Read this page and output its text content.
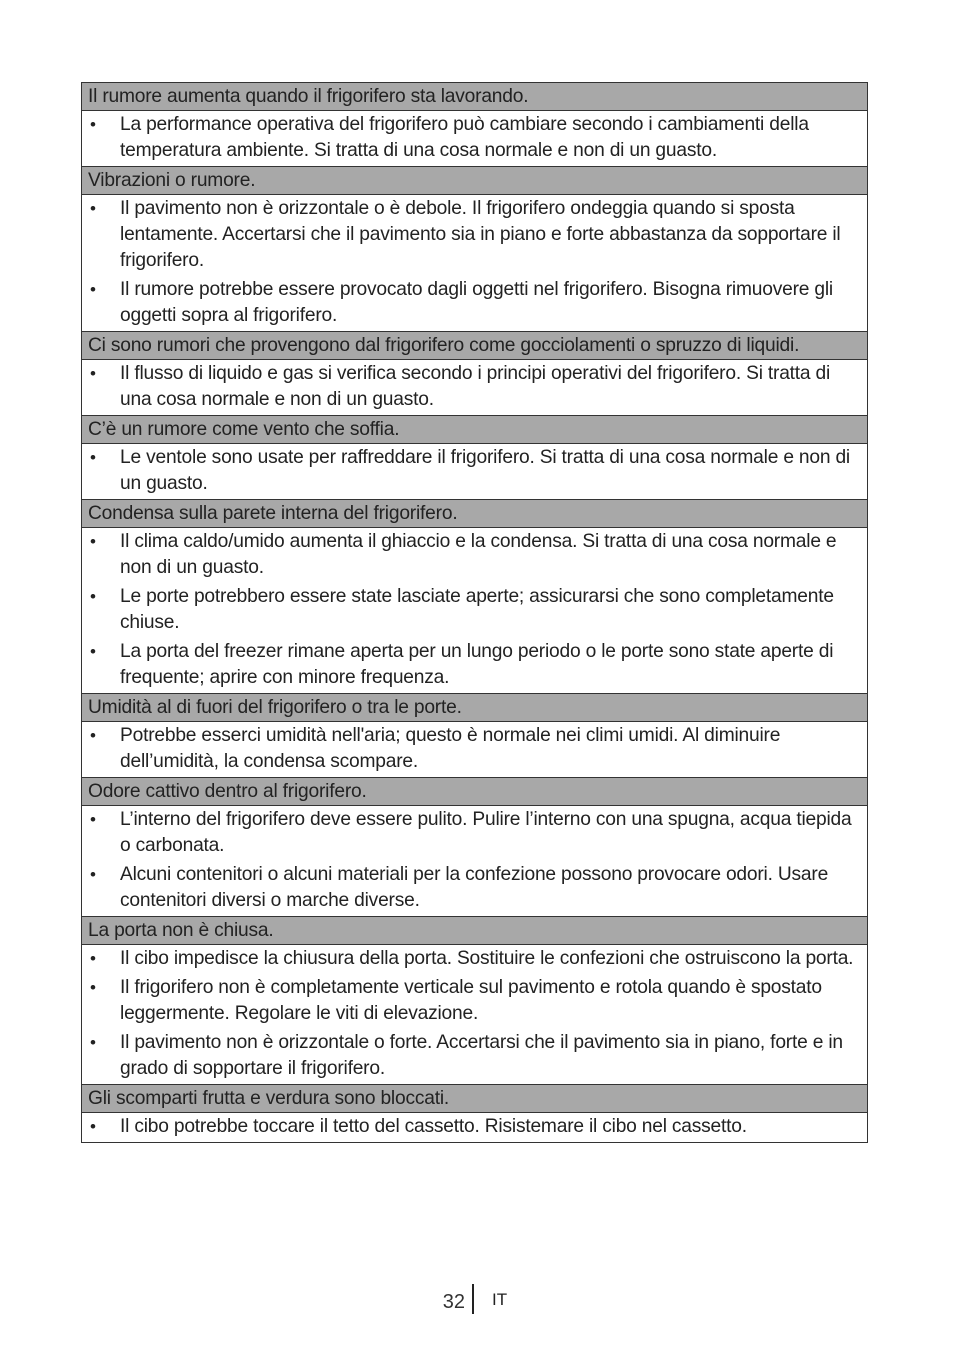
Il rumore aumenta quando il frigorifero sta lavorando.
• La performance operativa del frigorifero può cambiare secondo i cambiamenti della temperatura ambiente. Si tratta di una cosa normale e non di un guasto.
Vibrazioni o rumore.
• Il pavimento non è orizzontale o è debole. Il frigorifero ondeggia quando si sposta lentamente. Accertarsi che il pavimento sia in piano e forte abbastanza da sopportare il frigorifero.
• Il rumore potrebbe essere provocato dagli oggetti nel frigorifero. Bisogna rimuovere gli oggetti sopra al frigorifero.
Ci sono rumori che provengono dal frigorifero come gocciolamenti o spruzzo di liquidi.
• Il flusso di liquido e gas si verifica secondo i principi operativi del frigorifero. Si tratta di una cosa normale e non di un guasto.
C’è un rumore come vento che soffia.
• Le ventole sono usate per raffreddare il frigorifero. Si tratta di una cosa normale e non di un guasto.
Condensa sulla parete interna del frigorifero.
• Il clima caldo/umido aumenta il ghiaccio e la condensa. Si tratta di una cosa normale e non di un guasto.
• Le porte potrebbero essere state lasciate aperte; assicurarsi che sono completamente chiuse.
• La porta del freezer rimane aperta per un lungo periodo o le porte sono state aperte di frequente; aprire con minore frequenza.
Umidità al di fuori del frigorifero o tra le porte.
• Potrebbe esserci umidità nell'aria; questo è normale nei climi umidi. Al diminuire dell’umidità, la condensa scompare.
Odore cattivo dentro al frigorifero.
• L’interno del frigorifero deve essere pulito. Pulire l’interno con una spugna, acqua tiepida o carbonata.
• Alcuni contenitori o alcuni materiali per la confezione possono provocare odori. Usare contenitori diversi o marche diverse.
La porta non è chiusa.
• Il cibo impedisce la chiusura della porta. Sostituire le confezioni che ostruiscono la porta.
• Il frigorifero non è completamente verticale sul pavimento e rotola quando è spostato leggermente. Regolare le viti di elevazione.
• Il pavimento non è orizzontale o forte. Accertarsi che il pavimento sia in piano, forte e in grado di sopportare il frigorifero.
Gli scomparti frutta e verdura sono bloccati.
• Il cibo potrebbe toccare il tetto del cassetto. Risistemare il cibo nel cassetto.
32 IT
